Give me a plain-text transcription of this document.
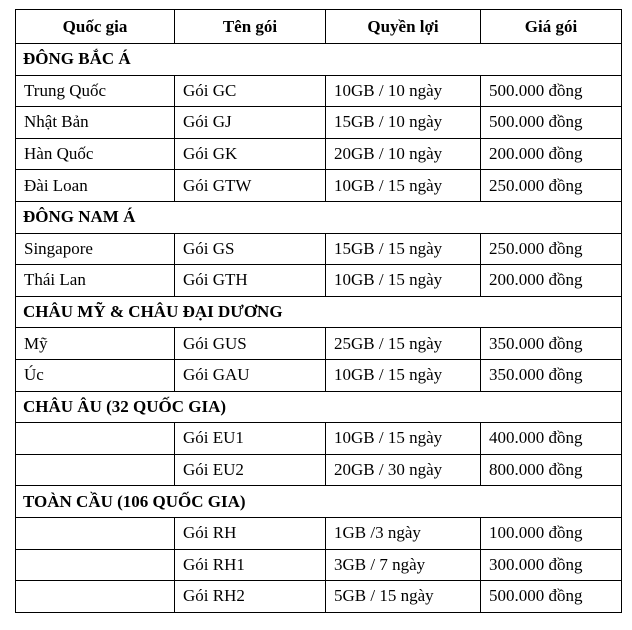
Quốc gia	Tên gói	Quyền lợi	Giá gói
ĐÔNG BẮC Á			
Trung Quốc	Gói GC	10GB / 10 ngày	500.000 đồng
Nhật Bản	Gói GJ	15GB / 10 ngày	500.000 đồng
Hàn Quốc	Gói GK	20GB / 10 ngày	200.000 đồng
Đài Loan	Gói GTW	10GB / 15 ngày	250.000 đồng
ĐÔNG NAM Á			
Singapore	Gói GS	15GB / 15 ngày	250.000 đồng
Thái Lan	Gói GTH	10GB / 15 ngày	200.000 đồng
CHÂU MỸ & CHÂU ĐẠI DƯƠNG			
Mỹ	Gói GUS	25GB / 15 ngày	350.000 đồng
Úc	Gói GAU	10GB / 15 ngày	350.000 đồng
CHÂU ÂU (32 QUỐC GIA)			
	Gói EU1	10GB / 15 ngày	400.000 đồng
	Gói EU2	20GB / 30 ngày	800.000 đồng
TOÀN CẦU (106 QUỐC GIA)			
	Gói RH	1GB /3 ngày	100.000 đồng
	Gói RH1	3GB / 7 ngày	300.000 đồng
	Gói RH2	5GB / 15 ngày	500.000 đồng
